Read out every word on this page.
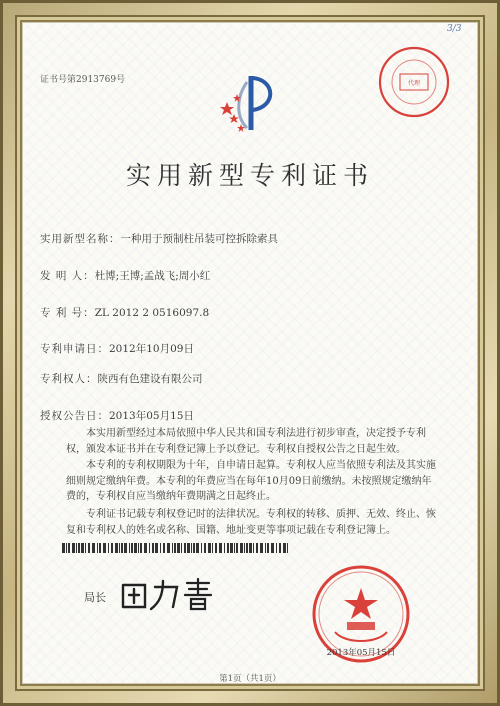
3/3
证书号第2913769号	代理
实用新型专利证书
实用新型名称：一种用于预制柱吊装可控拆除索具
发 明 人：杜博;王博;孟战飞;周小红
专 利 号：ZL 2012 2 0516097.8
专利申请日：2012年10月09日
专利权人：陕西有色建设有限公司
授权公告日：2013年05月15日
本实用新型经过本局依照中华人民共和国专利法进行初步审查，决定授予专利权，颁发本证书并在专利登记簿上予以登记。专利权自授权公告之日起生效。
本专利的专利权期限为十年，自申请日起算。专利权人应当依照专利法及其实施细则规定缴纳年费。本专利的年费应当在每年10月09日前缴纳。未按照规定缴纳年费的，专利权自应当缴纳年费期满之日起终止。
专利证书记载专利权登记时的法律状况。专利权的转移、质押、无效、终止、恢复和专利权人的姓名或名称、国籍、地址变更等事项记载在专利登记簿上。
局长
2013年05月15日
第1页（共1页）
